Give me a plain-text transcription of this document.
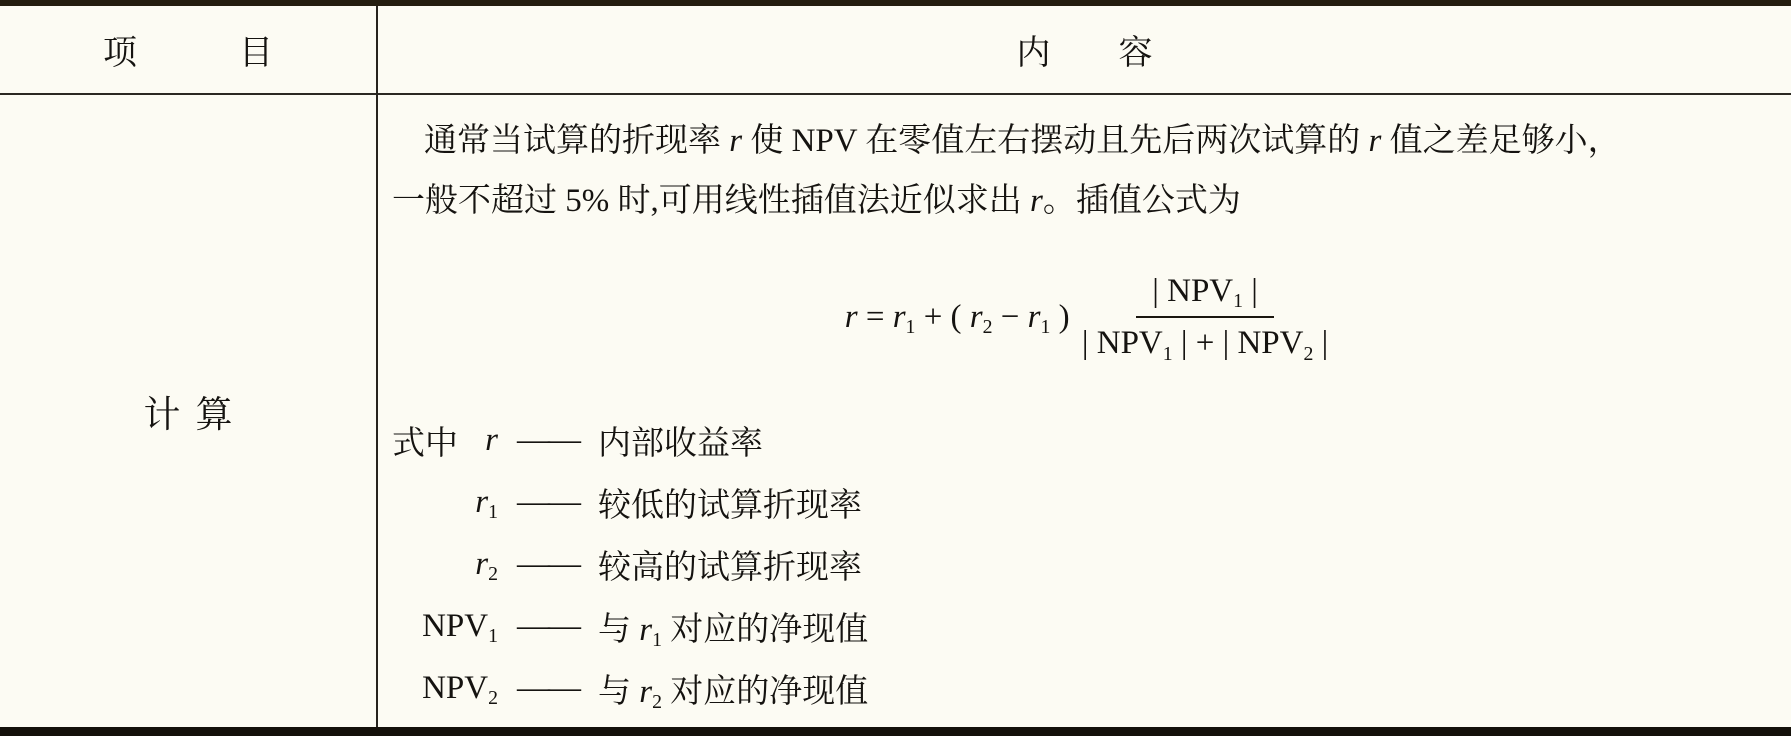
项　　　目	内　　容
计算
通常当试算的折现率 r 使 NPV 在零值左右摆动且先后两次试算的 r 值之差足够小，
一般不超过 5% 时,可用线性插值法近似求出 r。插值公式为
$r = r_1$ + ( $r_2 - r_1$ ) $\frac{| NPV_1 |}{| NPV_1 | + | NPV_2 |}$
式中 r —— 内部收益率
$r_1$ —— 较低的试算折现率
$r_2$ —— 较高的试算折现率
$NPV_1$ —— 与 $r_1$ 对应的净现值
$NPV_2$ —— 与 $r_2$ 对应的净现值
